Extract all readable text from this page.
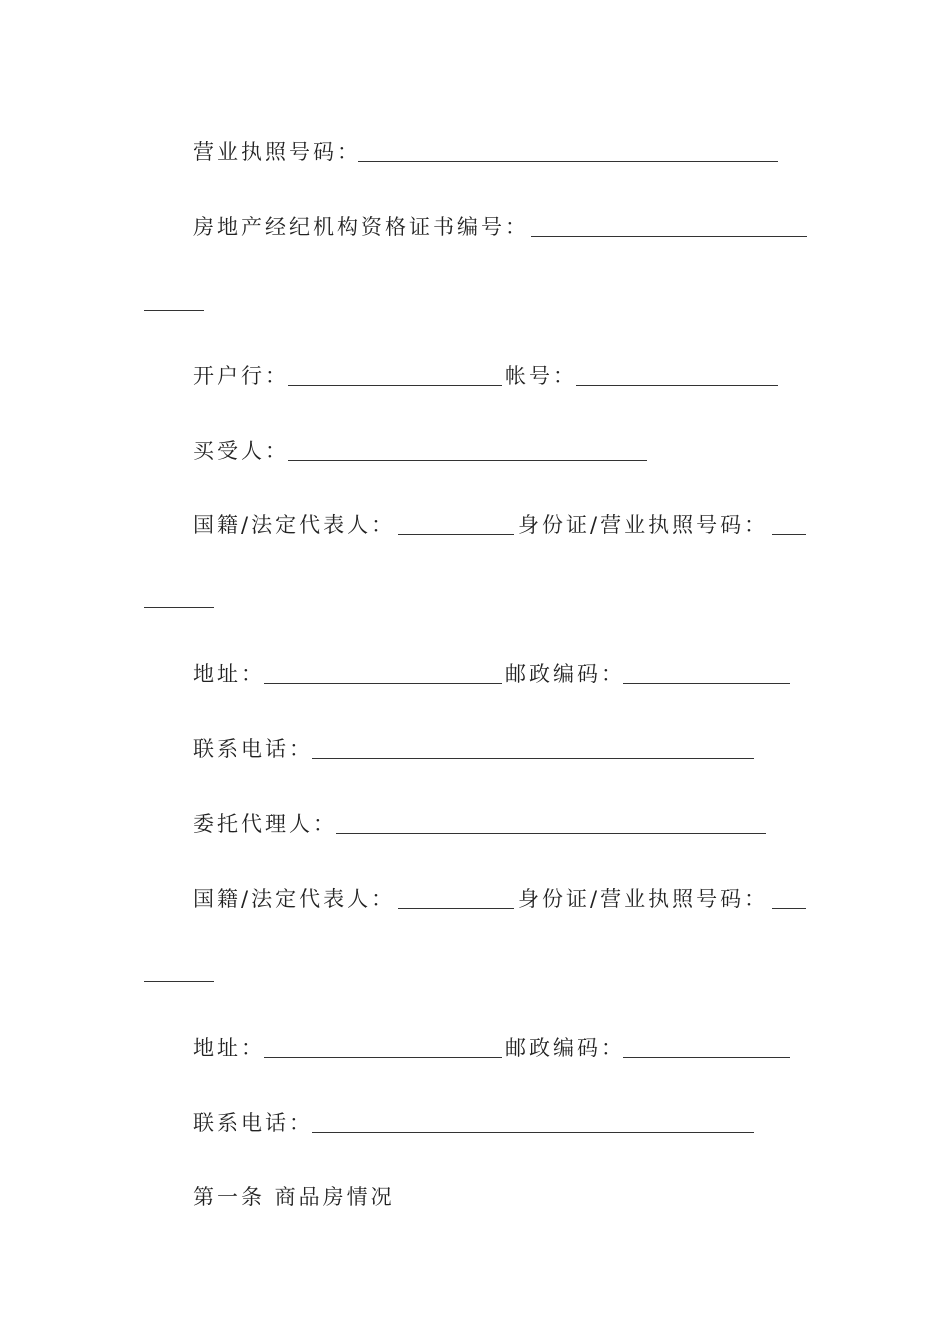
营业执照号码：
房地产经纪机构资格证书编号：
开户行：	帐号：
买受人：
国籍/法定代表人：	身份证/营业执照号码：
地址：	邮政编码：
联系电话：
委托代理人：
国籍/法定代表人：	身份证/营业执照号码：
地址：	邮政编码：
联系电话：
第一条 商品房情况
